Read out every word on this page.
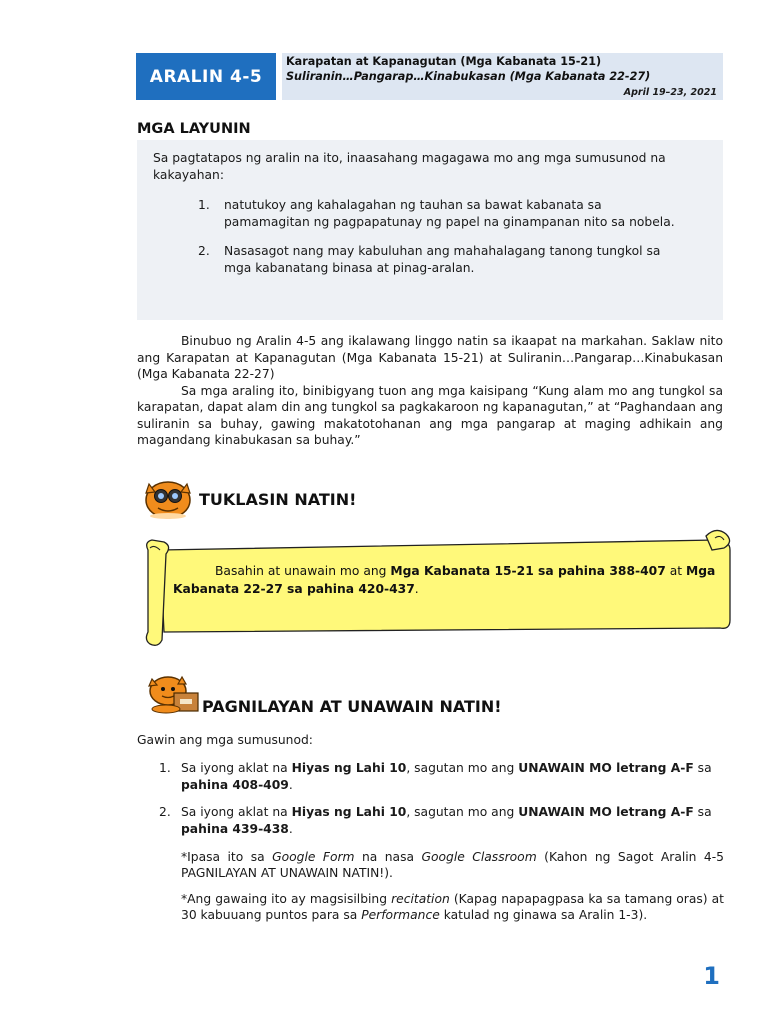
ARALIN 4-5
Karapatan at Kapanagutan (Mga Kabanata 15-21)
Suliranin…Pangarap…Kinabukasan (Mga Kabanata 22-27)
April 19–23, 2021
MGA LAYUNIN
Sa pagtatapos ng aralin na ito, inaasahang magagawa mo ang mga sumusunod na kakayahan:
1.	natutukoy ang kahalagahan ng tauhan sa bawat kabanata sa pamamagitan ng pagpapatunay ng papel na ginampanan nito sa nobela.
2.	Nasasagot nang may kabuluhan ang mahahalagang tanong tungkol sa mga kabanatang binasa at pinag-aralan.

Binubuo ng Aralin 4-5 ang ikalawang linggo natin sa ikaapat na markahan. Saklaw nito ang Karapatan at Kapanagutan (Mga Kabanata 15-21) at Suliranin…Pangarap…Kinabukasan (Mga Kabanata 22-27)

Sa mga araling ito, binibigyang tuon ang mga kaisipang “Kung alam mo ang tungkol sa karapatan, dapat alam din ang tungkol sa pagkakaroon ng kapanagutan,” at “Paghandaan ang suliranin sa buhay, gawing makatotohanan ang mga pangarap at maging adhikain ang magandang kinabukasan sa buhay.”

TUKLASIN NATIN!
Basahin at unawain mo ang Mga Kabanata 15-21 sa pahina 388-407 at Mga Kabanata 22-27 sa pahina 420-437.
PAGNILAYAN AT UNAWAIN NATIN!
Gawin ang mga sumusunod:
1. Sa iyong aklat na Hiyas ng Lahi 10, sagutan mo ang UNAWAIN MO letrang A-F sa pahina 408-409.
2. Sa iyong aklat na Hiyas ng Lahi 10, sagutan mo ang UNAWAIN MO letrang A-F sa pahina 439-438.
*Ipasa ito sa Google Form na nasa Google Classroom (Kahon ng Sagot Aralin 4-5 PAGNILAYAN AT UNAWAIN NATIN!).
*Ang gawaing ito ay magsisilbing recitation (Kapag napapagpasa ka sa tamang oras) at 30 kabuuang puntos para sa Performance katulad ng ginawa sa Aralin 1-3).
1
